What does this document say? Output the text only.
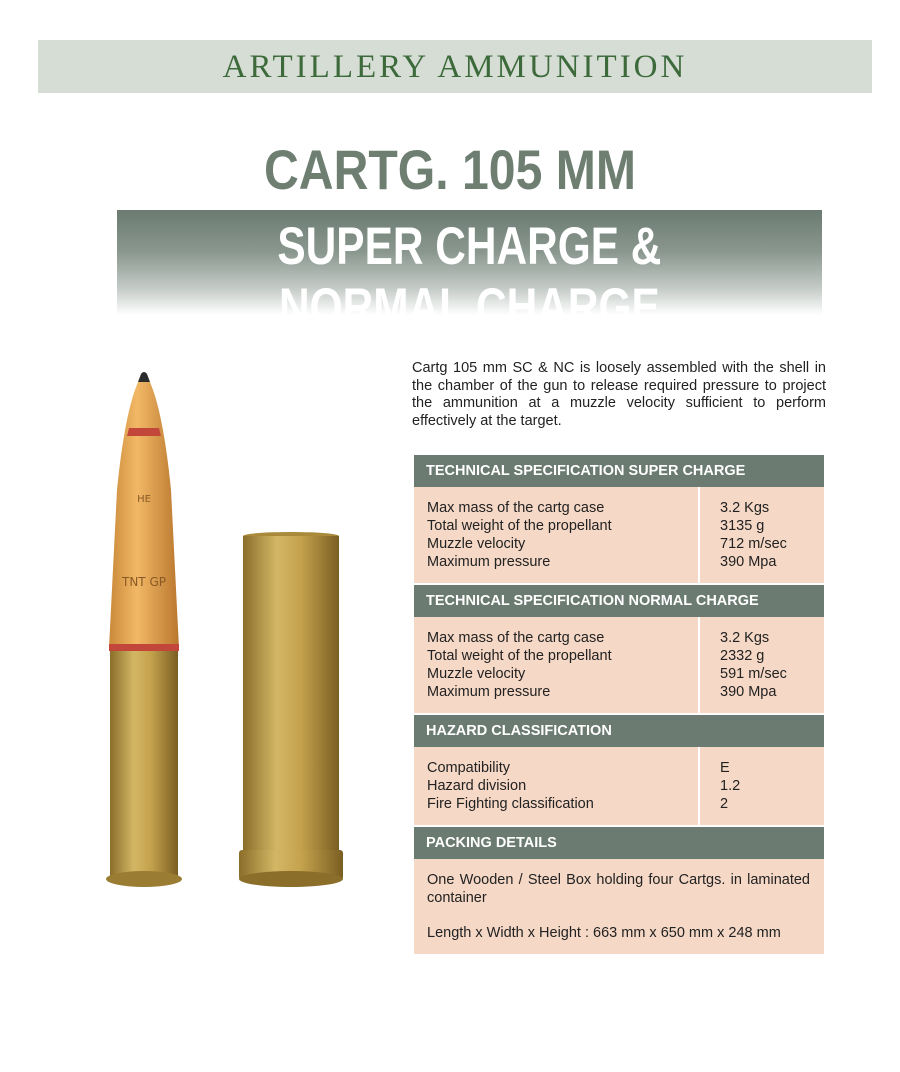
ARTILLERY AMMUNITION
CARTG. 105 MM
SUPER CHARGE & NORMAL CHARGE
HE
TNT GP
Cartg 105 mm SC & NC is loosely assembled with the shell in the chamber of the gun to release required pressure to project the ammunition at a muzzle velocity sufficient to perform effectively at the target.
TECHNICAL SPECIFICATION SUPER CHARGE
Max mass of the cartg case
Total weight of the propellant
Muzzle velocity
Maximum pressure
3.2 Kgs
3135 g
712 m/sec
390 Mpa
TECHNICAL SPECIFICATION NORMAL CHARGE
Max mass of the cartg case
Total weight of the propellant
Muzzle velocity
Maximum pressure
3.2 Kgs
2332 g
591 m/sec
390 Mpa
HAZARD CLASSIFICATION
Compatibility
Hazard division
Fire Fighting classification
E
1.2
2
PACKING DETAILS
One Wooden / Steel Box holding four Cartgs. in laminated container
Length x Width x Height : 663 mm x 650 mm x 248 mm
